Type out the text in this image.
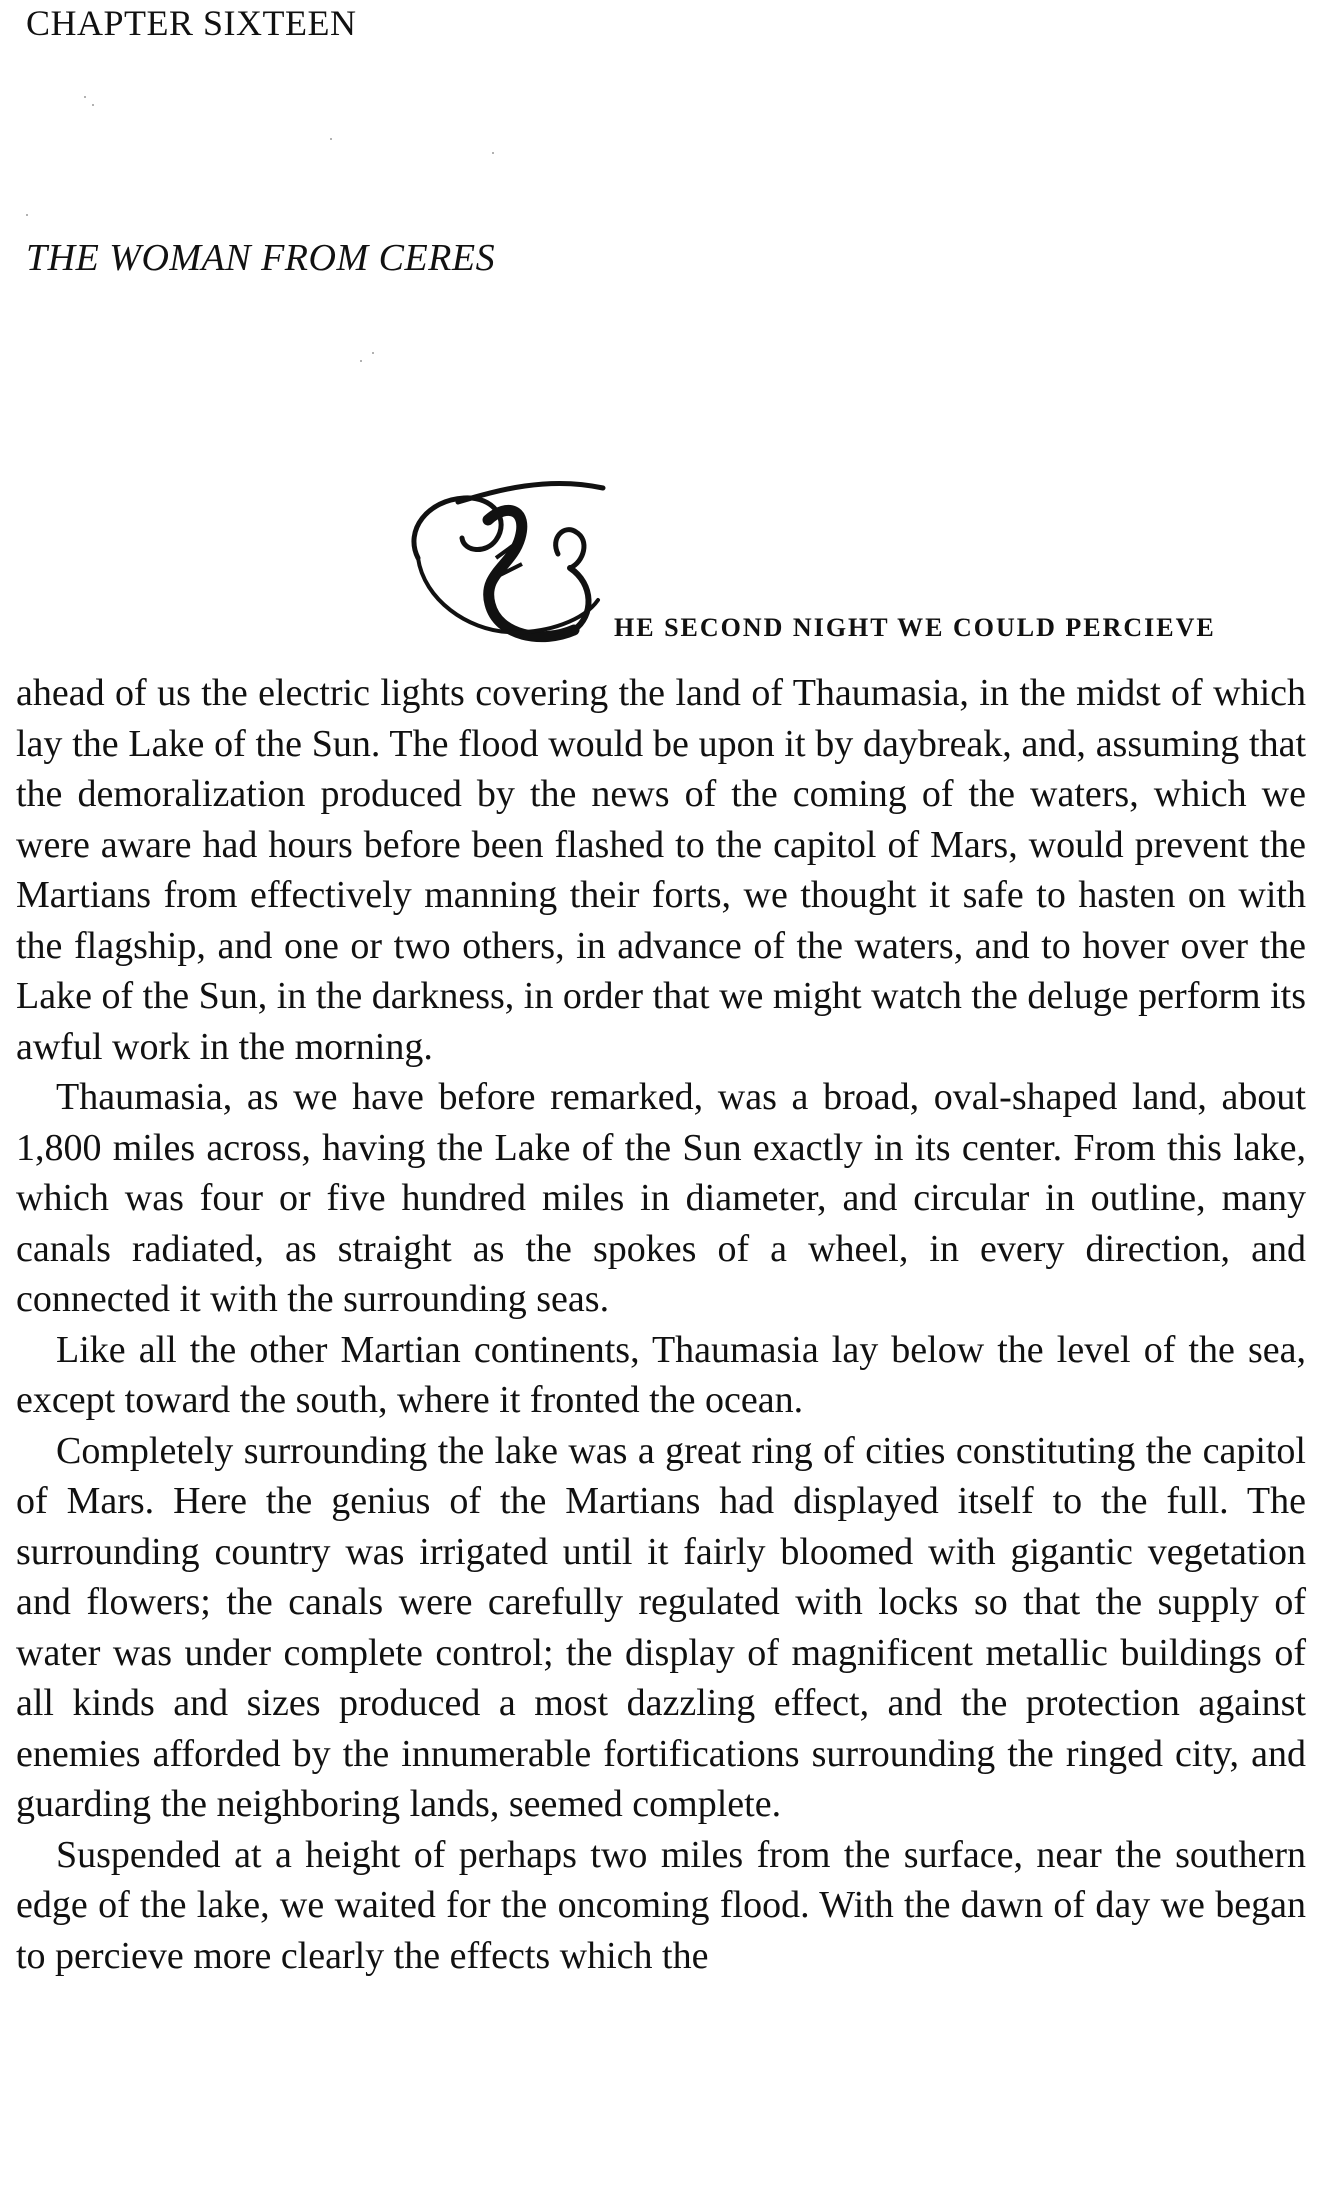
CHAPTER SIXTEEN
THE WOMAN FROM CERES
HE SECOND NIGHT WE COULD PERCIEVE

ahead of us the electric lights covering the land of Thaumasia, in the midst of which lay the Lake of the Sun. The flood would be upon it by daybreak, and, assuming that the demoralization produced by the news of the coming of the waters, which we were aware had hours before been flashed to the capitol of Mars, would prevent the Martians from effectively manning their forts, we thought it safe to hasten on with the flagship, and one or two others, in advance of the waters, and to hover over the Lake of the Sun, in the darkness, in order that we might watch the deluge perform its awful work in the morning.

Thaumasia, as we have before remarked, was a broad, oval-shaped land, about 1,800 miles across, having the Lake of the Sun exactly in its center. From this lake, which was four or five hundred miles in diameter, and circular in outline, many canals radiated, as straight as the spokes of a wheel, in every direction, and connected it with the surrounding seas.

Like all the other Martian continents, Thaumasia lay below the level of the sea, except toward the south, where it fronted the ocean.

Completely surrounding the lake was a great ring of cities constituting the capitol of Mars. Here the genius of the Martians had displayed itself to the full. The surrounding country was irrigated until it fairly bloomed with gigantic vegetation and flowers; the canals were carefully regulated with locks so that the supply of water was under complete control; the display of magnificent metallic buildings of all kinds and sizes produced a most dazzling effect, and the protection against enemies afforded by the innumerable fortifications surrounding the ringed city, and guarding the neighboring lands, seemed complete.

Suspended at a height of perhaps two miles from the surface, near the southern edge of the lake, we waited for the oncoming flood. With the dawn of day we began to percieve more clearly the effects which the
